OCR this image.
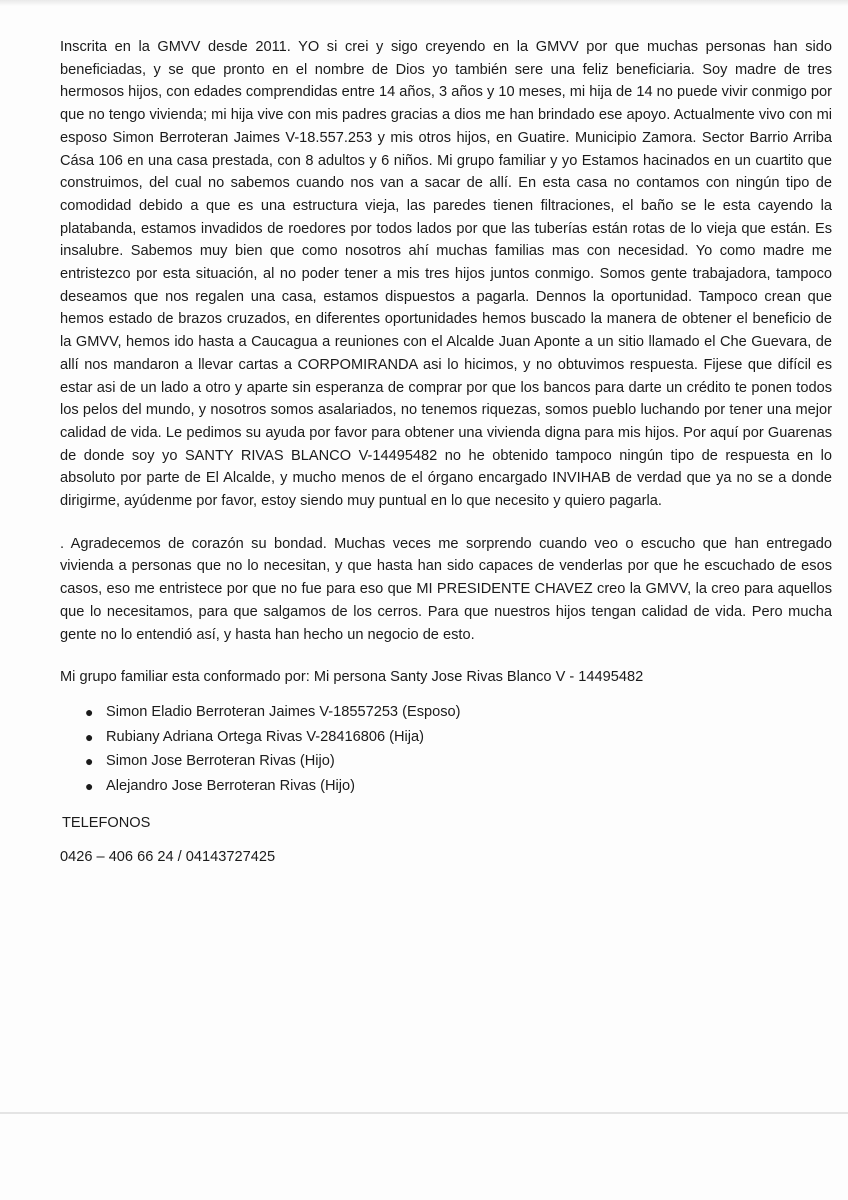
Inscrita en la GMVV desde 2011. YO si crei y sigo creyendo en la GMVV por que muchas personas han sido beneficiadas, y se que pronto en el nombre de Dios yo también sere una feliz beneficiaria. Soy madre de tres hermosos hijos, con edades comprendidas entre 14 años, 3 años y 10 meses, mi hija de 14 no puede vivir conmigo por que no tengo vivienda; mi hija vive con mis padres gracias a dios me han brindado ese apoyo. Actualmente vivo con mi esposo Simon Berroteran Jaimes V-18.557.253 y mis otros hijos, en Guatire. Municipio Zamora. Sector Barrio Arriba Cásа 106 en una casa prestada, con 8 adultos y 6 niños. Mi grupo familiar y yo Estamos hacinados en un cuartito que construimos, del cual no sabemos cuando nos van a sacar de allí. En esta casa no contamos con ningún tipo de comodidad debido a que es una estructura vieja, las paredes tienen filtraciones, el baño se le esta cayendo la platabanda, estamos invadidos de roedores por todos lados por que las tuberías están rotas de lo vieja que están. Es insalubre. Sabemos muy bien que como nosotros ahí muchas familias mas con necesidad. Yo como madre me entristezco por esta situación, al no poder tener a mis tres hijos juntos conmigo. Somos gente trabajadora, tampoco deseamos que nos regalen una casa, estamos dispuestos a pagarla. Dennos la oportunidad. Tampoco crean que hemos estado de brazos cruzados, en diferentes oportunidades hemos buscado la manera de obtener el beneficio de la GMVV, hemos ido hasta a Caucagua a reuniones con el Alcalde Juan Aponte a un sitio llamado el Che Guevara, de allí nos mandaron a llevar cartas a CORPOMIRANDA asi lo hicimos, y no obtuvimos respuesta. Fijese que difícil es estar asi de un lado a otro y aparte sin esperanza de comprar por que los bancos para darte un crédito te ponen todos los pelos del mundo, y nosotros somos asalariados, no tenemos riquezas, somos pueblo luchando por tener una mejor calidad de vida. Le pedimos su ayuda por favor para obtener una vivienda digna para mis hijos. Por aquí por Guarenas de donde soy yo SANTY RIVAS BLANCO V-14495482 no he obtenido tampoco ningún tipo de respuesta en lo absoluto por parte de El Alcalde, y mucho menos de el órgano encargado INVIHAB de verdad que ya no se a donde dirigirme, ayúdenme por favor, estoy siendo muy puntual en lo que necesito y quiero pagarla.

. Agradecemos de corazón su bondad. Muchas veces me sorprendo cuando veo o escucho que han entregado vivienda a personas que no lo necesitan, y que hasta han sido capaces de venderlas por que he escuchado de esos casos, eso me entristece por que no fue para eso que MI PRESIDENTE CHAVEZ creo la GMVV, la creo para aquellos que lo necesitamos, para que salgamos de los cerros. Para que nuestros hijos tengan calidad de vida. Pero mucha gente no lo entendió así, y hasta han hecho un negocio de esto.

Mi grupo familiar esta conformado por: Mi persona Santy Jose Rivas Blanco V - 14495482

● Simon Eladio Berroteran Jaimes V-18557253 (Esposo)
● Rubiany Adriana Ortega Rivas V-28416806 (Hija)
● Simon Jose Berroteran Rivas (Hijo)
● Alejandro Jose Berroteran Rivas (Hijo)

TELEFONOS

0426 – 406 66 24 / 04143727425
